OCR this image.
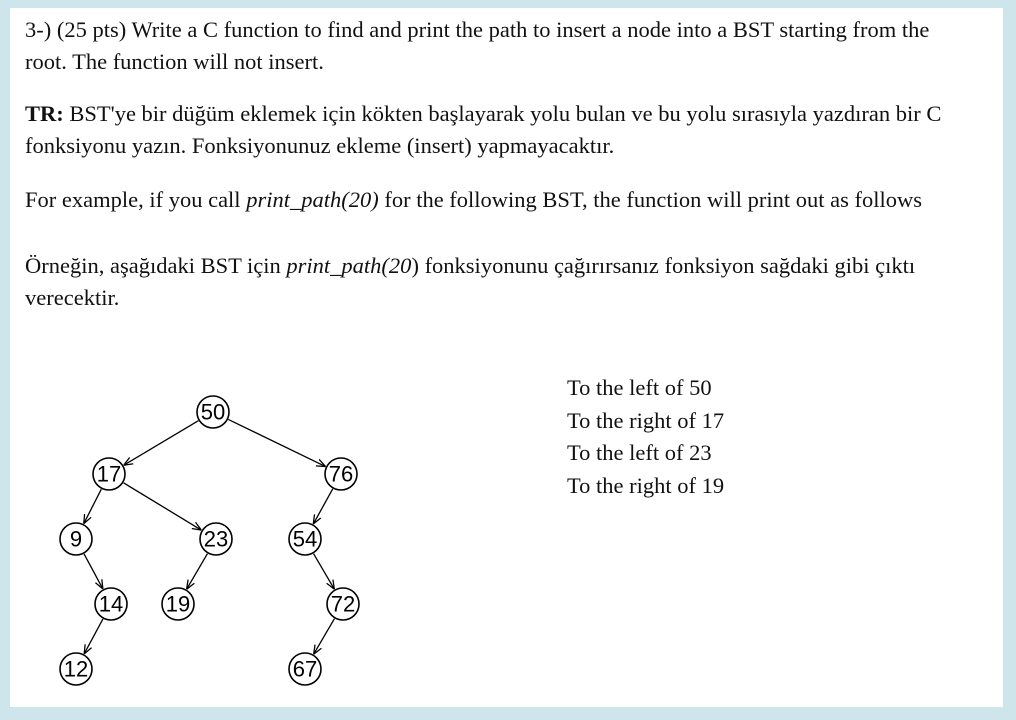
3-) (25 pts) Write a C function to find and print the path to insert a node into a BST starting from the
root. The function will not insert.
TR: BST'ye bir düğüm eklemek için kökten başlayarak yolu bulan ve bu yolu sırasıyla yazdıran bir C
fonksiyonu yazın. Fonksiyonunuz ekleme (insert) yapmayacaktır.
For example, if you call print_path(20) for the following BST, the function will print out as follows
Örneğin, aşağıdaki BST için print_path(20) fonksiyonunu çağırırsanız fonksiyon sağdaki gibi çıktı
verecektir.
50
17	76
9	23	54
14 19	72
12	67
To the left of 50
To the right of 17
To the left of 23
To the right of 19
